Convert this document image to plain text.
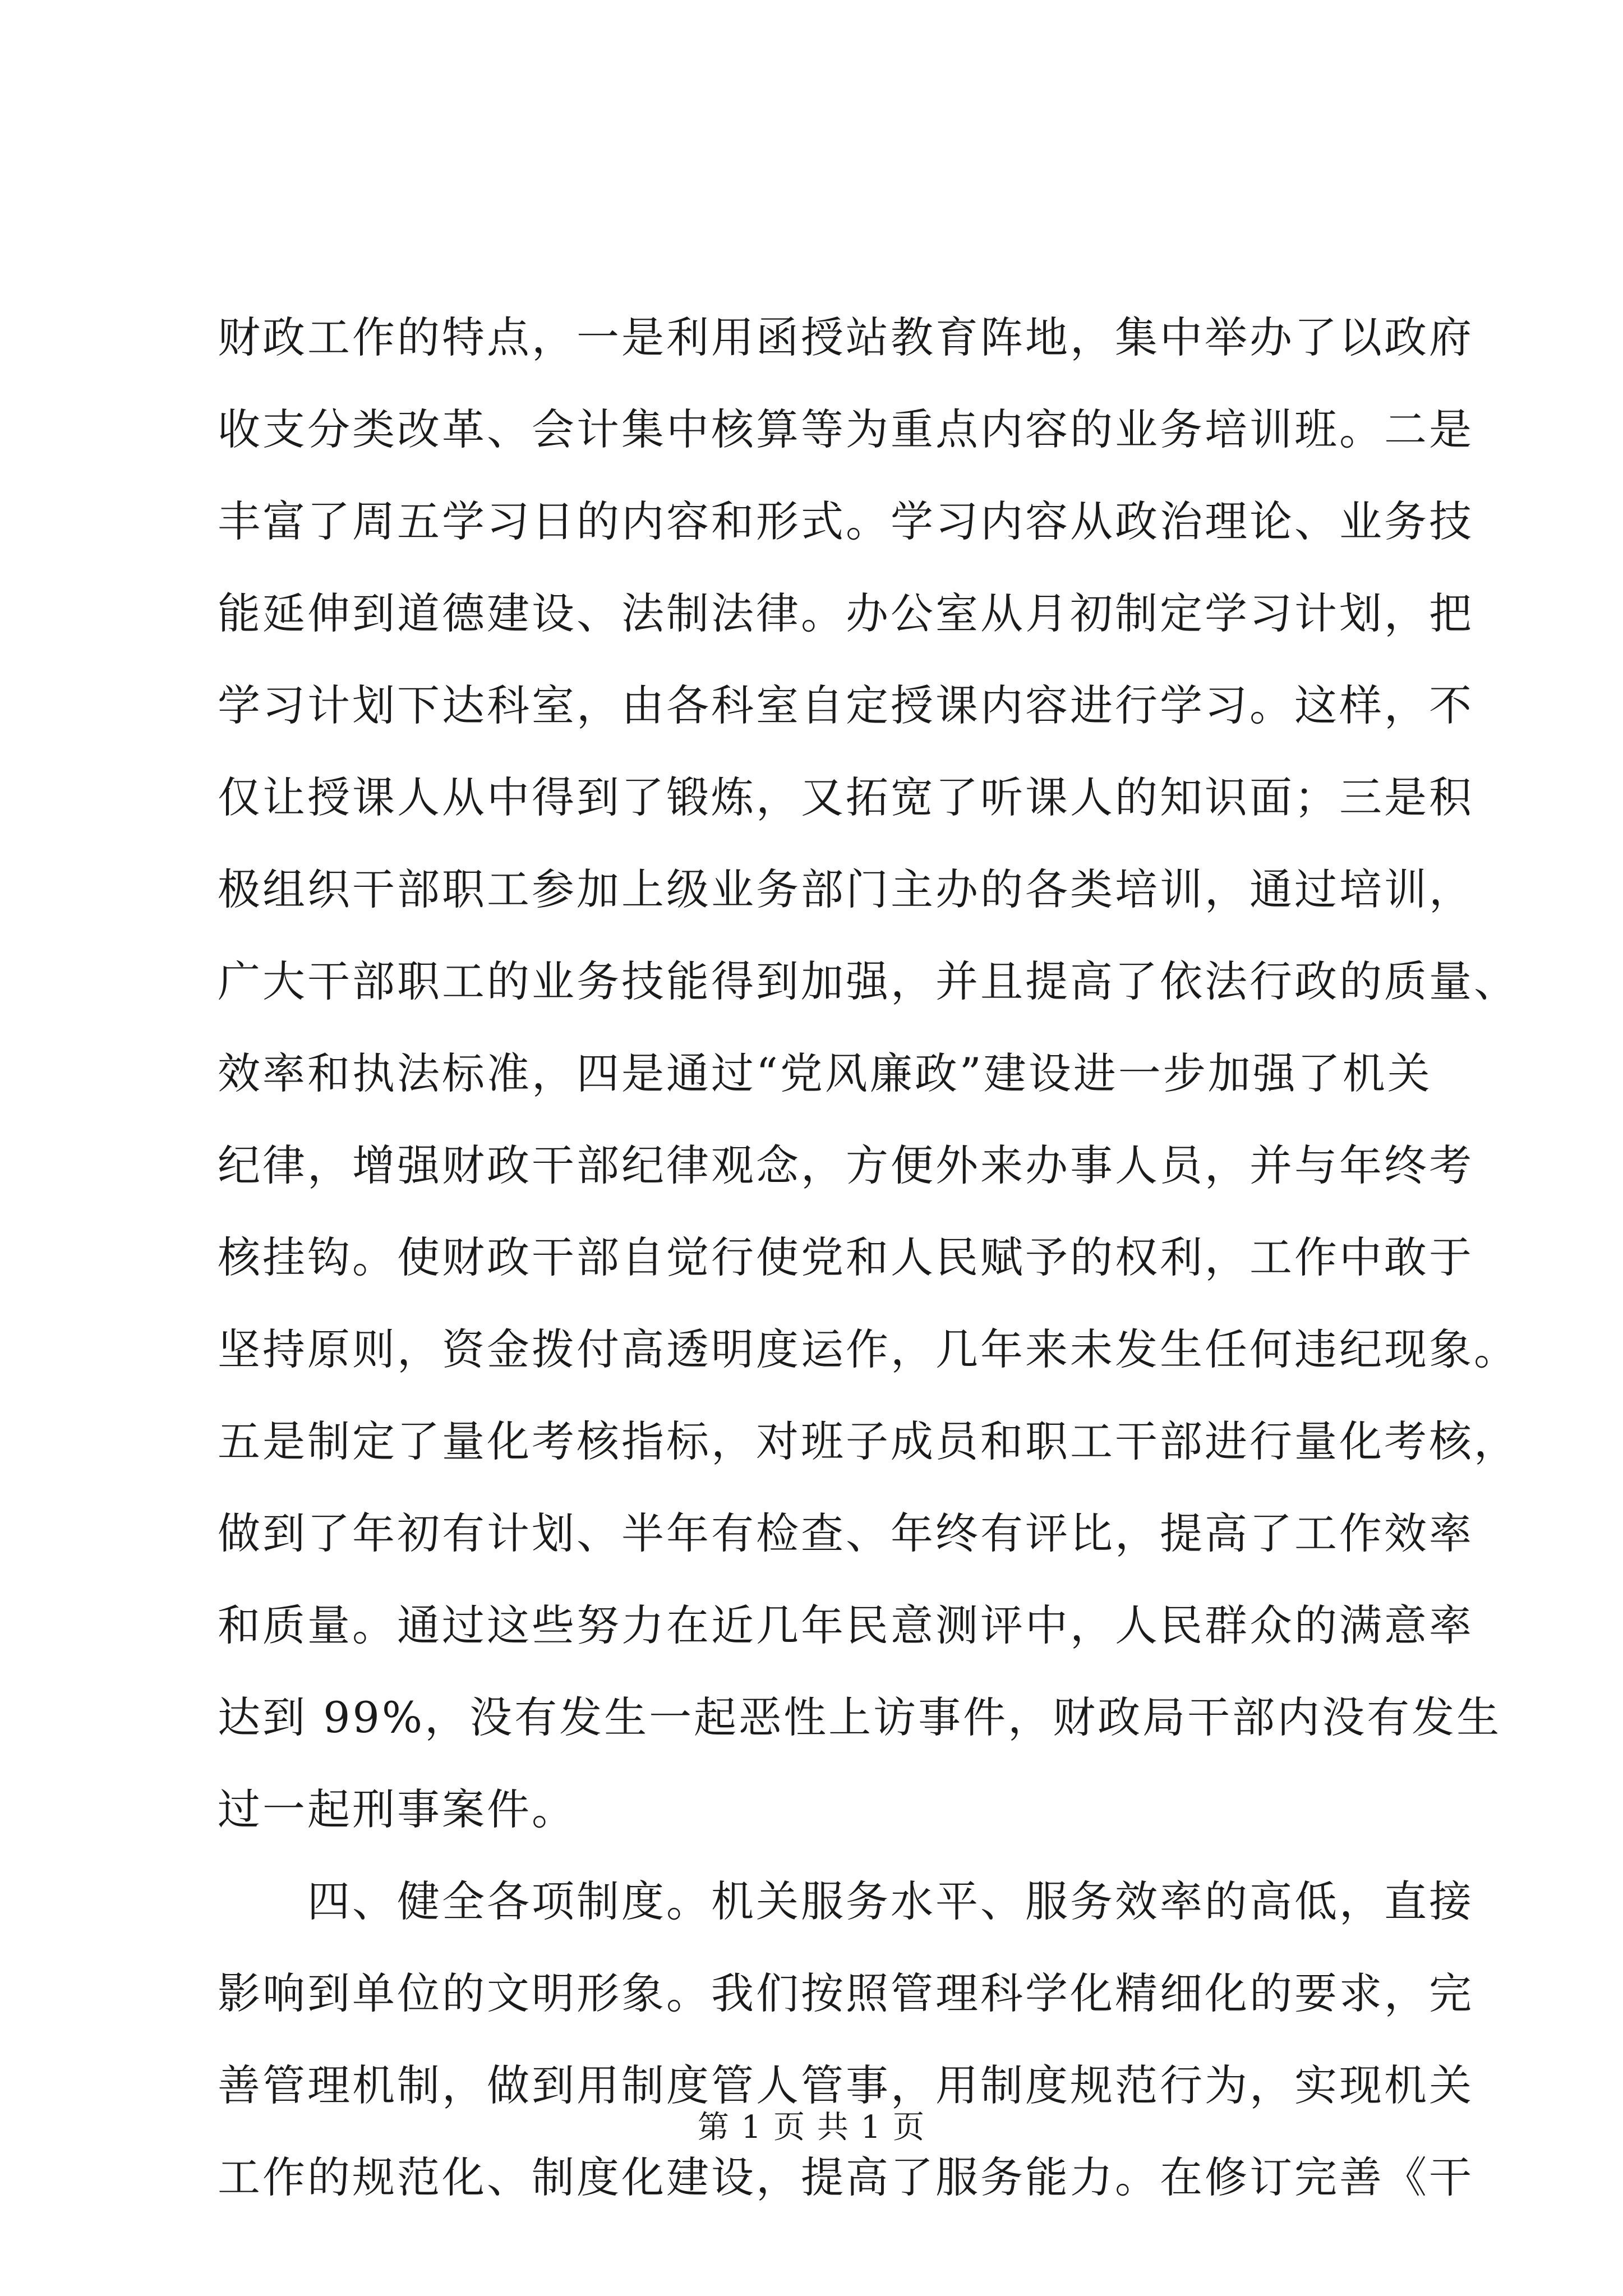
财政工作的特点，一是利用函授站教育阵地，集中举办了以政府
收支分类改革、会计集中核算等为重点内容的业务培训班。二是
丰富了周五学习日的内容和形式。学习内容从政治理论、业务技
能延伸到道德建设、法制法律。办公室从月初制定学习计划，把
学习计划下达科室，由各科室自定授课内容进行学习。这样，不
仅让授课人从中得到了锻炼，又拓宽了听课人的知识面；三是积
极组织干部职工参加上级业务部门主办的各类培训，通过培训，
广大干部职工的业务技能得到加强，并且提高了依法行政的质量、
效率和执法标准，四是通过“党风廉政”建设进一步加强了机关
纪律，增强财政干部纪律观念，方便外来办事人员，并与年终考
核挂钩。使财政干部自觉行使党和人民赋予的权利，工作中敢于
坚持原则，资金拨付高透明度运作，几年来未发生任何违纪现象。
五是制定了量化考核指标，对班子成员和职工干部进行量化考核，
做到了年初有计划、半年有检查、年终有评比，提高了工作效率
和质量。通过这些努力在近几年民意测评中，人民群众的满意率
达到 99%，没有发生一起恶性上访事件，财政局干部内没有发生
过一起刑事案件。
四、健全各项制度。机关服务水平、服务效率的高低，直接
影响到单位的文明形象。我们按照管理科学化精细化的要求，完
善管理机制，做到用制度管人管事，用制度规范行为，实现机关
工作的规范化、制度化建设，提高了服务能力。在修订完善《干
第 1 页 共 1 页
